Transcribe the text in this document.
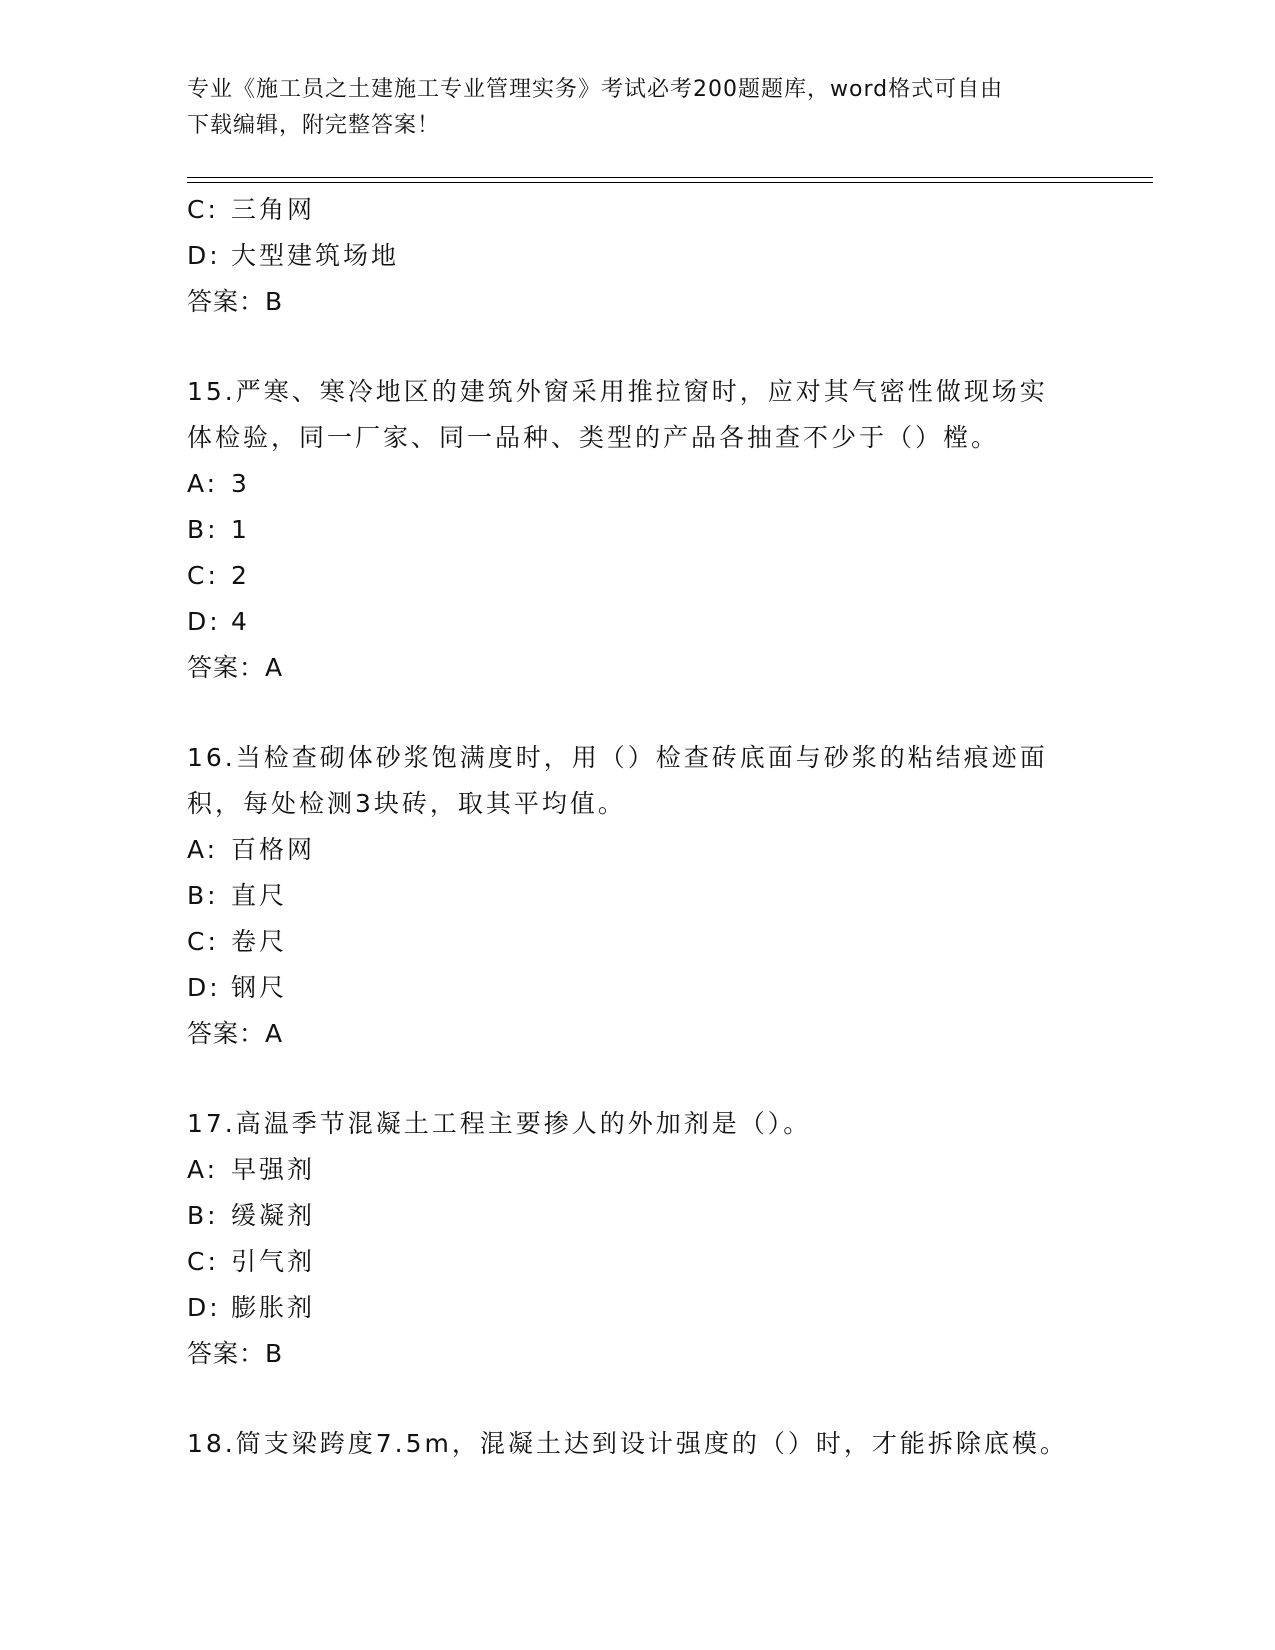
专业《施工员之土建施工专业管理实务》考试必考200题题库，word格式可自由
下载编辑，附完整答案！
C: 三角网
D: 大型建筑场地
答案：B
15.严寒、寒冷地区的建筑外窗采用推拉窗时，应对其气密性做现场实
体检验，同一厂家、同一品种、类型的产品各抽查不少于（）樘。
A: 3
B: 1
C: 2
D: 4
答案：A
16.当检查砌体砂浆饱满度时，用（）检查砖底面与砂浆的粘结痕迹面
积，每处检测3块砖，取其平均值。
A: 百格网
B: 直尺
C: 卷尺
D: 钢尺
答案：A
17.高温季节混凝土工程主要掺人的外加剂是（）。
A: 早强剂
B: 缓凝剂
C: 引气剂
D: 膨胀剂
答案：B
18.简支梁跨度7.5m，混凝土达到设计强度的（）时，才能拆除底模。
